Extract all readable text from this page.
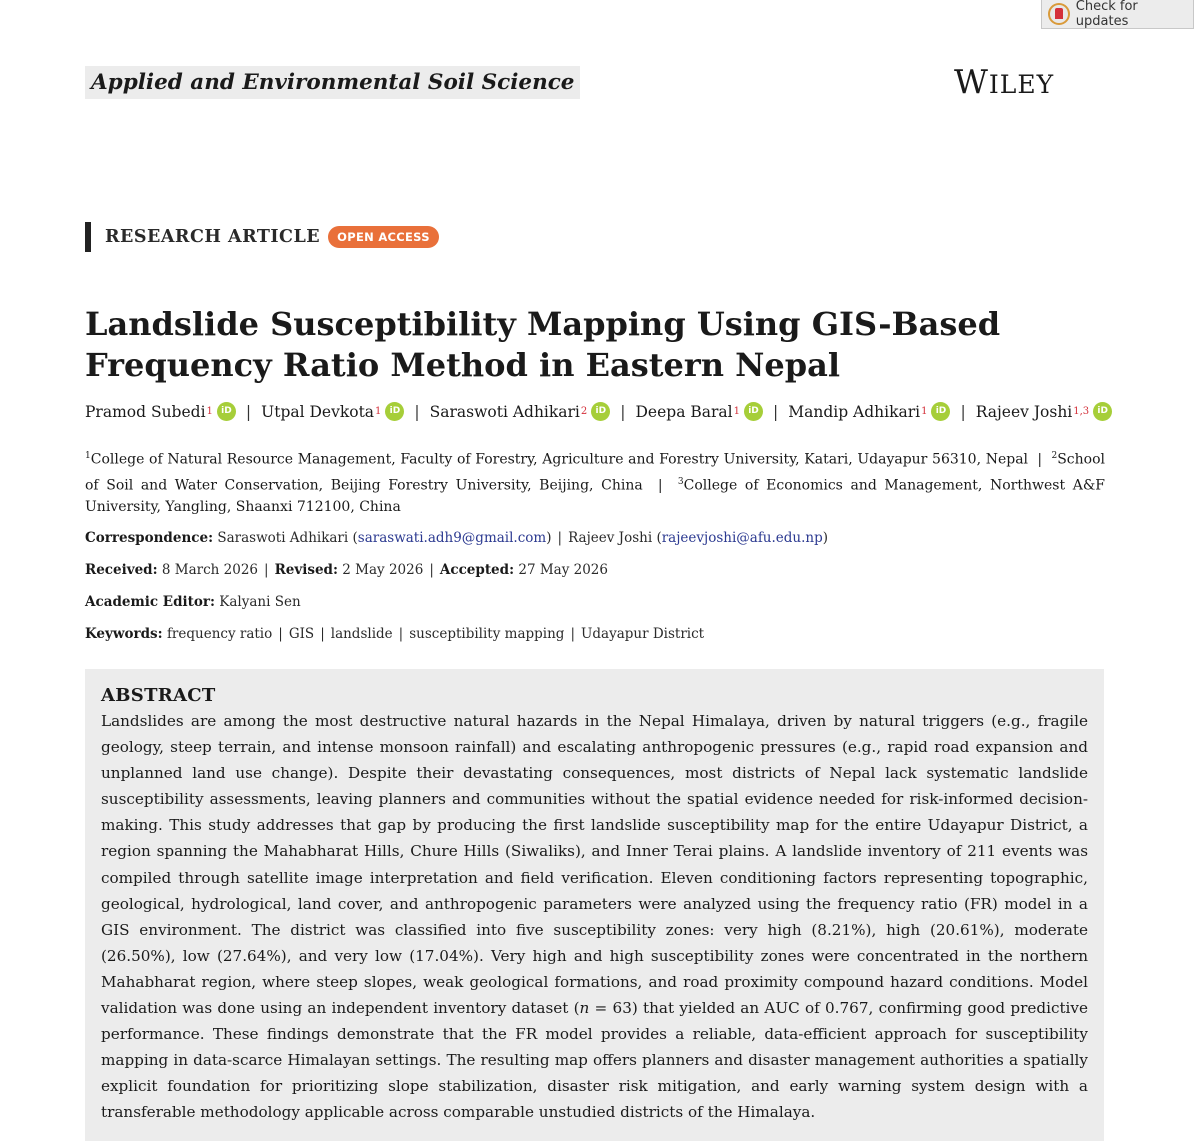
Check for updates
Applied and Environmental Soil Science	WILEY
RESEARCH ARTICLE	OPEN ACCESS
Landslide Susceptibility Mapping Using GIS-Based Frequency Ratio Method in Eastern Nepal
Pramod Subedi 1 iD | Utpal Devkota 1 iD | Saraswoti Adhikari 2 iD | Deepa Baral 1 iD | Mandip Adhikari 1 iD | Rajeev Joshi 1,3 iD
$^1$College of Natural Resource Management, Faculty of Forestry, Agriculture and Forestry University, Katari, Udayapur 56310, Nepal  |  $^2$School of Soil and Water Conservation, Beijing Forestry University, Beijing, China  |  $^3$College of Economics and Management, Northwest A&F University, Yangling, Shaanxi 712100, China
Correspondence: Saraswoti Adhikari (saraswati.adh9@gmail.com) | Rajeev Joshi (rajeevjoshi@afu.edu.np)
Received: 8 March 2026 | Revised: 2 May 2026 | Accepted: 27 May 2026
Academic Editor: Kalyani Sen
Keywords: frequency ratio | GIS | landslide | susceptibility mapping | Udayapur District
ABSTRACT

Landslides are among the most destructive natural hazards in the Nepal Himalaya, driven by natural triggers (e.g., fragile geology, steep terrain, and intense monsoon rainfall) and escalating anthropogenic pressures (e.g., rapid road expansion and unplanned land use change). Despite their devastating consequences, most districts of Nepal lack systematic landslide susceptibility assessments, leaving planners and communities without the spatial evidence needed for risk-informed decision-making. This study addresses that gap by producing the first landslide susceptibility map for the entire Udayapur District, a region spanning the Mahabharat Hills, Chure Hills (Siwaliks), and Inner Terai plains. A landslide inventory of 211 events was compiled through satellite image interpretation and field verification. Eleven conditioning factors representing topographic, geological, hydrological, land cover, and anthropogenic parameters were analyzed using the frequency ratio (FR) model in a GIS environment. The district was classified into five susceptibility zones: very high (8.21%), high (20.61%), moderate (26.50%), low (27.64%), and very low (17.04%). Very high and high susceptibility zones were concentrated in the northern Mahabharat region, where steep slopes, weak geological formations, and road proximity compound hazard conditions. Model validation was done using an independent inventory dataset (n = 63) that yielded an AUC of 0.767, confirming good predictive performance. These findings demonstrate that the FR model provides a reliable, data-efficient approach for susceptibility mapping in data-scarce Himalayan settings. The resulting map offers planners and disaster management authorities a spatially explicit foundation for prioritizing slope stabilization, disaster risk mitigation, and early warning system design with a transferable methodology applicable across comparable unstudied districts of the Himalaya.
